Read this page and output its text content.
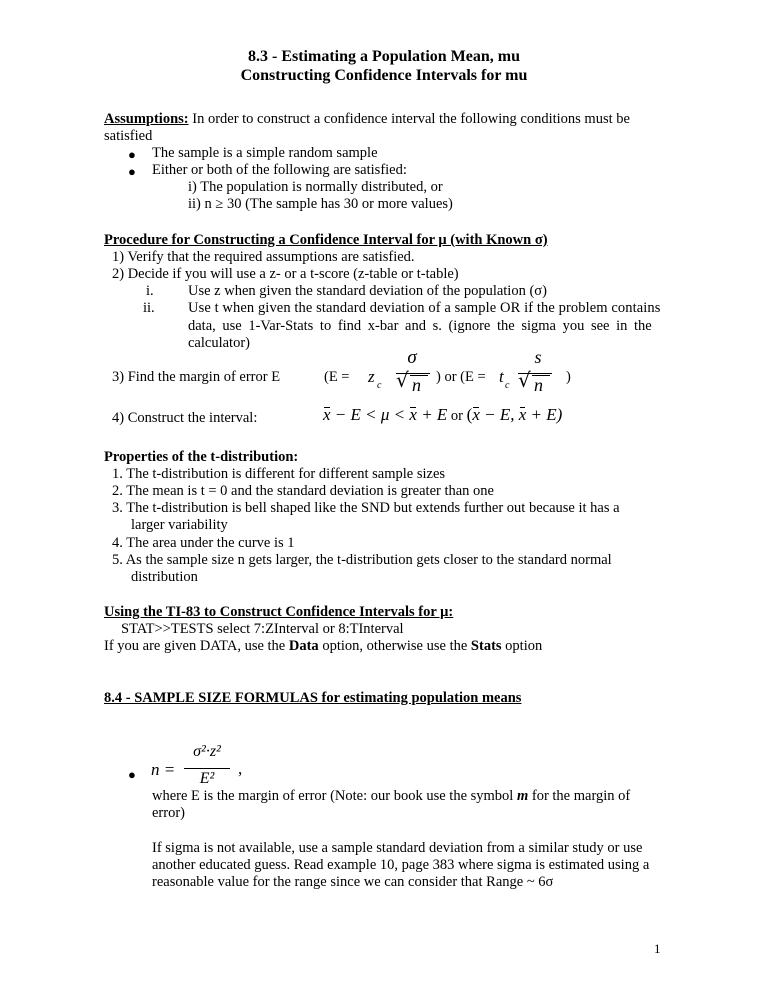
8.3 - Estimating a Population Mean, mu
Constructing Confidence Intervals for mu
Assumptions: In order to construct a confidence interval the following conditions must be
satisfied
● The sample is a simple random sample
● Either or both of the following are satisfied:
i) The population is normally distributed, or
ii) n ≥ 30 (The sample has 30 or more values)
Procedure for Constructing a Confidence Interval for μ (with Known σ)
1) Verify that the required assumptions are satisfied.
2) Decide if you will use a z- or a t-score (z-table or t-table)
i. Use z when given the standard deviation of the population (σ)
ii. Use t when given the standard deviation of a sample OR if the problem contains
data, use 1-Var-Stats to find x-bar and s. (ignore the sigma you see in the
calculator)
3) Find the margin of error E	(E = z c
σ
√ n ) or (E = t c
s
√ n )
4) Construct the interval:	x − E < μ < x + E or (x − E, x + E)
Properties of the t-distribution:
1. The t-distribution is different for different sample sizes
2. The mean is t = 0 and the standard deviation is greater than one
3. The t-distribution is bell shaped like the SND but extends further out because it has a
larger variability
4. The area under the curve is 1
5. As the sample size n gets larger, the t-distribution gets closer to the standard normal
distribution
Using the TI-83 to Construct Confidence Intervals for μ:
STAT>>TESTS select 7:ZInterval or 8:TInterval
If you are given DATA, use the Data option, otherwise use the Stats option
8.4 - SAMPLE SIZE FORMULAS for estimating population means
● n =
σ²·z²
E²
,
where E is the margin of error (Note: our book use the symbol m for the margin of
error)
If sigma is not available, use a sample standard deviation from a similar study or use
another educated guess. Read example 10, page 383 where sigma is estimated using a
reasonable value for the range since we can consider that Range ~ 6σ
1
